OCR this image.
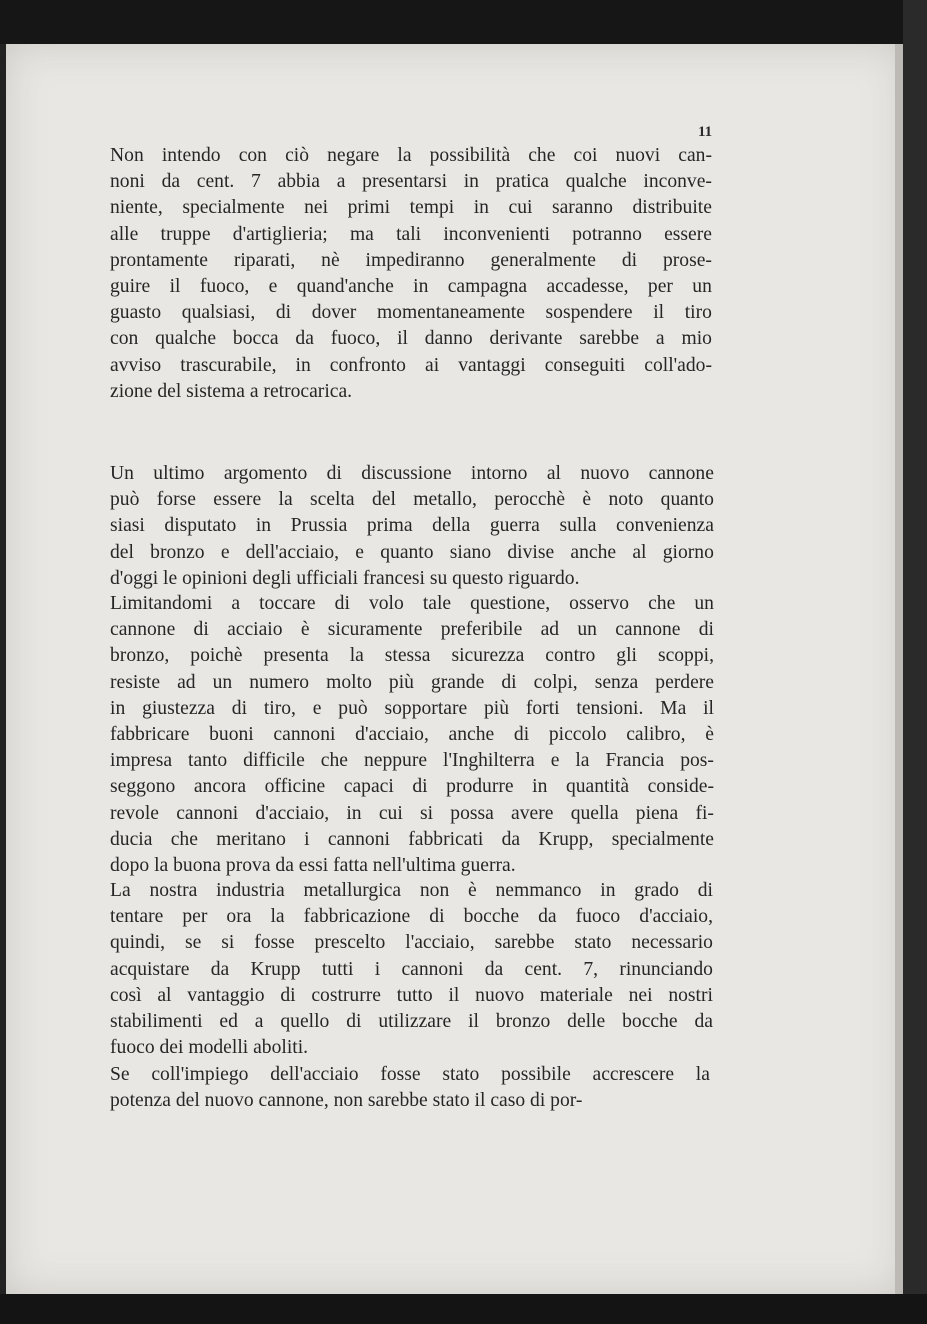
11
Non intendo con ciò negare la possibilità che coi nuovi can-
noni da cent. 7 abbia a presentarsi in pratica qualche inconve-
niente, specialmente nei primi tempi in cui saranno distribuite
alle truppe d'artiglieria; ma tali inconvenienti potranno essere
prontamente riparati, nè impediranno generalmente di prose-
guire il fuoco, e quand'anche in campagna accadesse, per un
guasto qualsiasi, di dover momentaneamente sospendere il tiro
con qualche bocca da fuoco, il danno derivante sarebbe a mio
avviso trascurabile, in confronto ai vantaggi conseguiti coll'ado-
zione del sistema a retrocarica.
Un ultimo argomento di discussione intorno al nuovo cannone
può forse essere la scelta del metallo, perocchè è noto quanto
siasi disputato in Prussia prima della guerra sulla convenienza
del bronzo e dell'acciaio, e quanto siano divise anche al giorno
d'oggi le opinioni degli ufficiali francesi su questo riguardo.
Limitandomi a toccare di volo tale questione, osservo che un
cannone di acciaio è sicuramente preferibile ad un cannone di
bronzo, poichè presenta la stessa sicurezza contro gli scoppi,
resiste ad un numero molto più grande di colpi, senza perdere
in giustezza di tiro, e può sopportare più forti tensioni. Ma il
fabbricare buoni cannoni d'acciaio, anche di piccolo calibro, è
impresa tanto difficile che neppure l'Inghilterra e la Francia pos-
seggono ancora officine capaci di produrre in quantità conside-
revole cannoni d'acciaio, in cui si possa avere quella piena fi-
ducia che meritano i cannoni fabbricati da Krupp, specialmente
dopo la buona prova da essi fatta nell'ultima guerra.
La nostra industria metallurgica non è nemmanco in grado di
tentare per ora la fabbricazione di bocche da fuoco d'acciaio,
quindi, se si fosse prescelto l'acciaio, sarebbe stato necessario
acquistare da Krupp tutti i cannoni da cent. 7, rinunciando
così al vantaggio di costrurre tutto il nuovo materiale nei nostri
stabilimenti ed a quello di utilizzare il bronzo delle bocche da
fuoco dei modelli aboliti.
Se coll'impiego dell'acciaio fosse stato possibile accrescere la
potenza del nuovo cannone, non sarebbe stato il caso di por-
